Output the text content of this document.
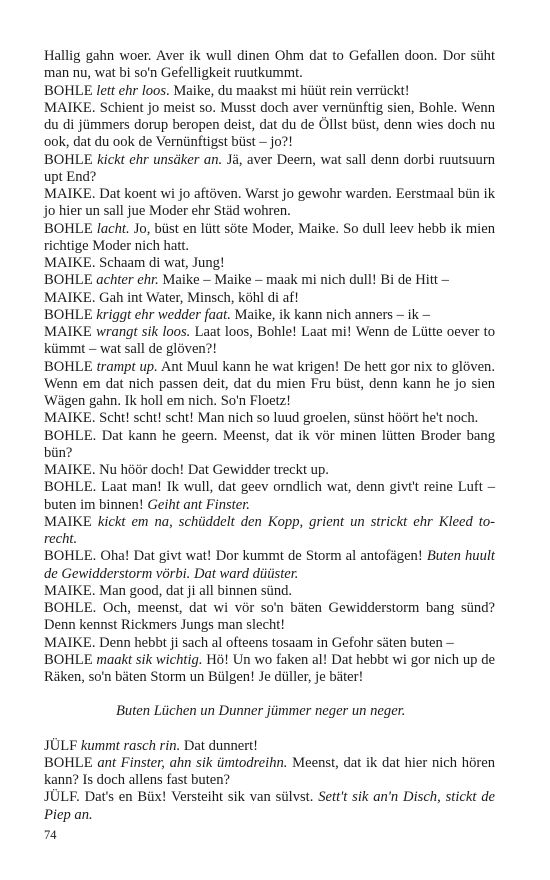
Hallig gahn woer. Aver ik wull dinen Ohm dat to Gefallen doon. Dor süht man nu, wat bi so'n Gefelligkeit ruutkummt.

BOHLE lett ehr loos. Maike, du maakst mi hüüt rein verrückt!

MAIKE. Schient jo meist so. Musst doch aver vernünftig sien, Bohle. Wenn du di jümmers dorup beropen deist, dat du de Öllst büst, denn wies doch nu ook, dat du ook de Vernünftigst büst – jo?!

BOHLE kickt ehr unsäker an. Jä, aver Deern, wat sall denn dorbi ruutsuurn upt End?

MAIKE. Dat koent wi jo aftöven. Warst jo gewohr warden. Eerstmaal bün ik jo hier un sall jue Moder ehr Städ wohren.

BOHLE lacht. Jo, büst en lütt söte Moder, Maike. So dull leev hebb ik mien richtige Moder nich hatt.

MAIKE. Schaam di wat, Jung!

BOHLE achter ehr. Maike – Maike – maak mi nich dull! Bi de Hitt –

MAIKE. Gah int Water, Minsch, köhl di af!

BOHLE kriggt ehr wedder faat. Maike, ik kann nich anners – ik –

MAIKE wrangt sik loos. Laat loos, Bohle! Laat mi! Wenn de Lütte oever to kümmt – wat sall de glöven?!

BOHLE trampt up. Ant Muul kann he wat krigen! De hett gor nix to glöven. Wenn em dat nich passen deit, dat du mien Fru büst, denn kann he jo sien Wägen gahn. Ik holl em nich. So'n Floetz!

MAIKE. Scht! scht! scht! Man nich so luud groelen, sünst höört he't noch.

BOHLE. Dat kann he geern. Meenst, dat ik vör minen lütten Broder bang bün?

MAIKE. Nu höör doch! Dat Gewidder treckt up.

BOHLE. Laat man! Ik wull, dat geev orndlich wat, denn givt't reine Luft – buten im binnen! Geiht ant Finster.

MAIKE kickt em na, schüddelt den Kopp, grient un strickt ehr Kleed to-recht.

BOHLE. Oha! Dat givt wat! Dor kummt de Storm al antofägen! Buten huult de Gewidderstorm vörbi. Dat ward düüster.

MAIKE. Man good, dat ji all binnen sünd.

BOHLE. Och, meenst, dat wi vör so'n bäten Gewidderstorm bang sünd? Denn kennst Rickmers Jungs man slecht!

MAIKE. Denn hebbt ji sach al ofteens tosaam in Gefohr säten buten –

BOHLE maakt sik wichtig. Hö! Un wo faken al! Dat hebbt wi gor nich up de Räken, so'n bäten Storm un Bülgen! Je düller, je bäter!

Buten Lüchen un Dunner jümmer neger un neger.

JÜLF kummt rasch rin. Dat dunnert!

BOHLE ant Finster, ahn sik ümtodreihn. Meenst, dat ik dat hier nich hören kann? Is doch allens fast buten?

JÜLF. Dat's en Büx! Versteiht sik van sülvst. Sett't sik an'n Disch, stickt de Piep an.

74
